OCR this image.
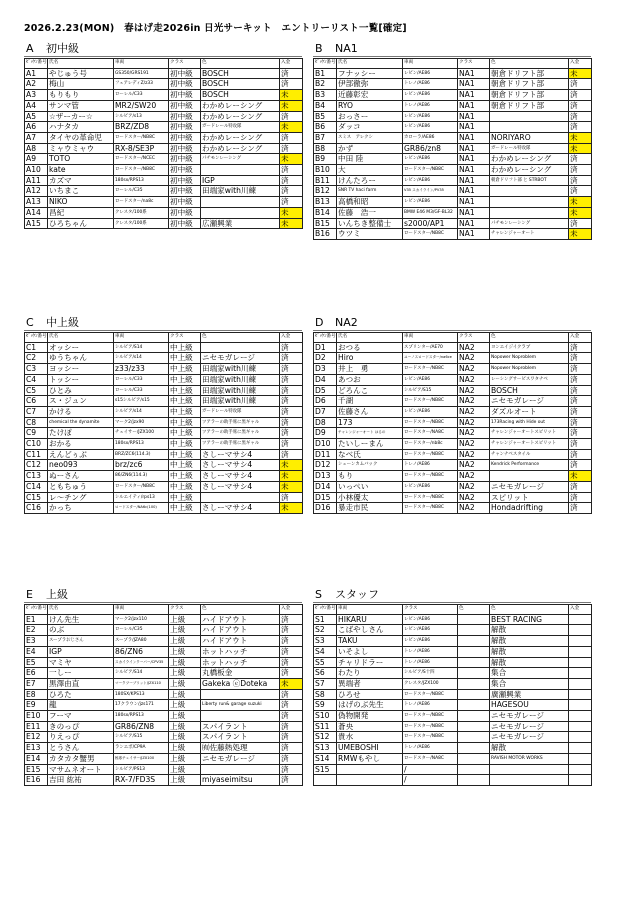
2026.2.23(MON)　春はげ走2026in 日光サーキット　エントリーリスト一覧[確定]
A 初中級
ｾﾞｯｹﾝ番号	氏名	車両	クラス	色	入金
A1	やじゅう号	GS350/GRS191	初中級	BOSCH	済
A2	梅山	フェアレディZ/z33	初中級	BOSCH	済
A3	もりもり	ローレル/C33	初中級	BOSCH	未
A4	サンマ管	MR2/SW20	初中級	わかめレーシング	未
A5	☆ザーカー☆	シルビア/s13	初中級	わかめレーシング	済
A6	ハナタカ	BRZ/ZD8	初中級	ガードレール特攻隊	未
A7	タイヤの革命児	ロードスター/NB8C	初中級	わかめレーシング	済
A8	ミャウミャウ	RX-8/SE3P	初中級	わかめレーシング	済
A9	TOTO	ロードスター/NCEC	初中級	パチモンレーシング	未
A10	kate	ロードスター/NB8C	初中級		済
A11	カズマ	180sx/RPS13	初中級	IGP	済
A12	いちまこ	ローレル/C35	初中級	田端家with川練	済
A13	NIKO	ロードスター/na8c	初中級		済
A14	昌紀	クレスタ/100系	初中級		未
A15	ひろちゃん	クレスタ/100系	初中級	広瀬興業	未
B NA1
ｾﾞｯｹﾝ番号	氏名	車両	クラス	色	入金
B1	フナッシー	レビン/AE86	NA1	朝倉ドリフト部	未
B2	伊部徹弥	トレノ/AE86	NA1	朝倉ドリフト部	済
B3	近藤彰宏	レビン/AE86	NA1	朝倉ドリフト部	済
B4	RYO	トレノ/AE86	NA1	朝倉ドリフト部	済
B5	おっさー	レビン/AE86	NA1		済
B6	ダッコ	レビン/AE86	NA1		済
B7	スミス　アレクシ	カローラ/AE86	NA1	NORIYARO	未
B8	かず	GR86/zn8	NA1	ガードレール特攻隊	未
B9	中田 陸	レビン/AE86	NA1	わかめレーシング	済
B10	大	ロードスター/NB8C	NA1	わかめレーシング	済
B11	けんたろー	レビン/AE86	NA1	朝倉ドリフト部 と STRBOT	済
B12	SNR TV haci farm	V35 スカイライン/PV35	NA1		済
B13	高橋和昭	レビン/AE86	NA1		未
B14	佐藤　浩一	BMW E46 M3/GF-BL32	NA1		未
B15	いんちき整備士	s2000/AP1	NA1	パチモンレーシング	済
B16	ウツミ	ロードスター/NB8C	NA1	チャレンジャーオート	未
C 中上級
ｾﾞｯｹﾝ番号	氏名	車両	クラス	色	入金
C1	オッシー	シルビア/S14	中上級		済
C2	ゆうちゃん	シルビア/s14	中上級	ニセモガレージ	済
C3	ヨッシー	z33/z33	中上級	田端家with川練	済
C4	トッシー	ローレル/C33	中上級	田端家with川練	済
C5	ひとみ	ローレル/C33	中上級	田端家with川練	済
C6	ス・ジュン	s15シルビア/s15	中上級	田端家with川練	済
C7	かける	シルビア/s14	中上級	ガードレール特攻隊	済
C8	chemical the dynamite	マーク2/jzx90	中上級	ツアラーの助手席に黒ギャル	済
C9	たけぽ	チェイサー/JZX100	中上級	ツアラーの助手席に黒ギャル	済
C10	おかる	180sx/RPS13	中上級	ツアラーの助手席に黒ギャル	済
C11	えんどぅぶ	BRZ/ZC6(114.3)	中上級	さしーマサシ4	済
C12	neo093	brz/zc6	中上級	さしーマサシ4	未
C13	ぬーさん	86/ZN6(114.3)	中上級	さしーマサシ4	未
C14	ともちゅう	ロードスター/NB8C	中上級	さしーマサシ4	未
C15	レ～チング	シルエイティ/rps13	中上級		済
C16	かっち	ロードスター/NA6c(100)	中上級	さしーマサシ4	未
D NA2
ｾﾞｯｹﾝ番号	氏名	車両	クラス	色	入金
D1	おつる	スプリンター/AE70	NA2	ヨンエイジイクラブ	済
D2	Hiro	ユーノスロードスター/na6ce	NA2	Nopower Noproblem	済
D3	井上　勇	ロードスター/NB8C	NA2	Nopower Noproblem	済
D4	あつお	レビン/AE86	NA2	レーシングサービスワタナベ	済
D5	どろんこ	シルビア/S15	NA2	BOSCH	済
D6	千湖	ロードスター/NB8C	NA2	ニセモガレージ	済
D7	佐藤さん	レビン/AE86	NA2	ダズルオート	済
D8	173	ロードスター/NB8C	NA2	173Racing with Hide out	済
D9	チャレンジャーオート はるの	ロードスター/NA8C	NA2	チャレンジャーオートスピリット	済
D10	たいしーまん	ロードスター/nb8c	NA2	チャレンジャーオートスピリット	済
D11	なべ氏	ロードスター/NB8C	NA2	チャンナベスタイル	済
D12	シューンカムバック	トレノ/AE86	NA2	Kendrick Performance	済
D13	もり	ロードスター/NB8C	NA2		未
D14	いっぺい	レビン/AE86	NA2	ニセモガレージ	済
D15	小林優太	ロードスター/NB8C	NA2	スピリット	済
D16	暴走市民	ロードスター/NB8C	NA2	Hondadrifting	済
E 上級
ｾﾞｯｹﾝ番号	氏名	車両	クラス	色	入金
E1	けん先生	マーク2/jzx110	上級	ハイドアウト	済
E2	のぶ	ローレル/C35	上級	ハイドアウト	済
E3	スープラおじさん	スープラ/JZA80	上級	ハイドアウト	済
E4	IGP	86/ZN6	上級	ホットハッチ	済
E5	マミヤ	スカイラインクーパー/CPV35	上級	ホットハッチ	済
E6	一しー	シルビア/S14	上級	丸橋板金	済
E7	黒澤由直	マークツーブリット/JZX110	上級	Gakeka ⓔDoteka	未
E8	ひろた	180SX/KPS13	上級		済
E9	龍	17クラウン/jzs171	上級	Liberty run& garage suzuki	済
E10	フーマ	180sx/RPS13	上級		済
E11	きのっぴ	GR86/ZN8	上級	スパイラント	済
E12	りえっぴ	シルビア/S15	上級	スパイラント	済
E13	とうさん	ランエボ/CP9A	上級	㈲佐藤熱処理	済
E14	カタカタ蟹男	極寒チェイサー/JZX100	上級	ニセモガレージ	済
E15	マサムネオート	シルビア/PS13	上級		済
E16	吉田 紘祐	RX-7/FD3S	上級	miyaseimitsu	済
S スタッフ
ｾﾞｯｹﾝ番号	車両	クラス	色	色	入金
S1	HIKARU	レビン/AE86		BEST RACING	
S2	こばやしさん	レビン/AE86		解散	
S3	TAKU	レビン/AE86		解散	
S4	いそよし	トレノ/AE86		解散	
S5	チャリドラー	トレノ/AE86		解散	
S6	わたり	シルビア/S十四		集合	
S7	異端者	クレスタ/JZX100		集合	
S8	ひろせ	ロードスター/NB8C		廣瀬興業	
S9	はげのぶ先生	トレノ/AE86		HAGESOU	
S10	偽物開発	ロードスター/NB8C		ニセモガレージ	
S11	蒼央	ロードスター/NB8C		ニセモガレージ	
S12	貴水	ロードスター/NB8C		ニセモガレージ	
S13	UMEBOSHI	トレノ/AE86		解散	
S14	RMWもやし	ロードスター/NA8C		RAVISH MOTOR WORKS	
S15		/			
		/			
